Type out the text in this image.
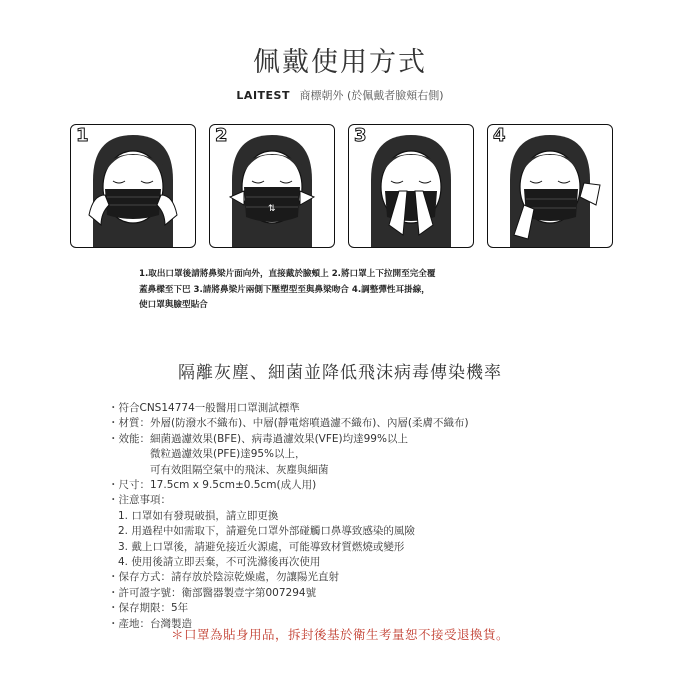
佩戴使用方式
LAITEST 商標朝外 (於佩戴者臉頰右側)
1	2
⇅
3	4
1.取出口罩後請將鼻梁片面向外，直接戴於臉頰上 2.將口罩上下拉開至完全覆
蓋鼻樑至下巴 3.請將鼻梁片兩側下壓塑型至與鼻梁吻合 4.調整彈性耳掛線，
使口罩與臉型貼合
隔離灰塵、細菌並降低飛沫病毒傳染機率
・符合CNS14774一般醫用口罩測試標準
・材質：外層(防潑水不織布)、中層(靜電熔噴過濾不織布)、內層(柔膚不織布)
・效能：細菌過濾效果(BFE)、病毒過濾效果(VFE)均達99%以上
微粒過濾效果(PFE)達95%以上，
可有效阻隔空氣中的飛沫、灰塵與細菌
・尺寸：17.5cm x 9.5cm±0.5cm(成人用)
・注意事項：
1. 口罩如有發現破損，請立即更換
2. 用過程中如需取下，請避免口罩外部碰觸口鼻導致感染的風險
3. 戴上口罩後，請避免接近火源處，可能導致材質燃燒或變形
4. 使用後請立即丟棄，不可洗滌後再次使用
・保存方式：請存放於陰涼乾燥處，勿讓陽光直射
・許可證字號：衛部醫器製壹字第007294號
・保存期限：5年
・產地：台灣製造
＊口罩為貼身用品，拆封後基於衛生考量恕不接受退換貨。
